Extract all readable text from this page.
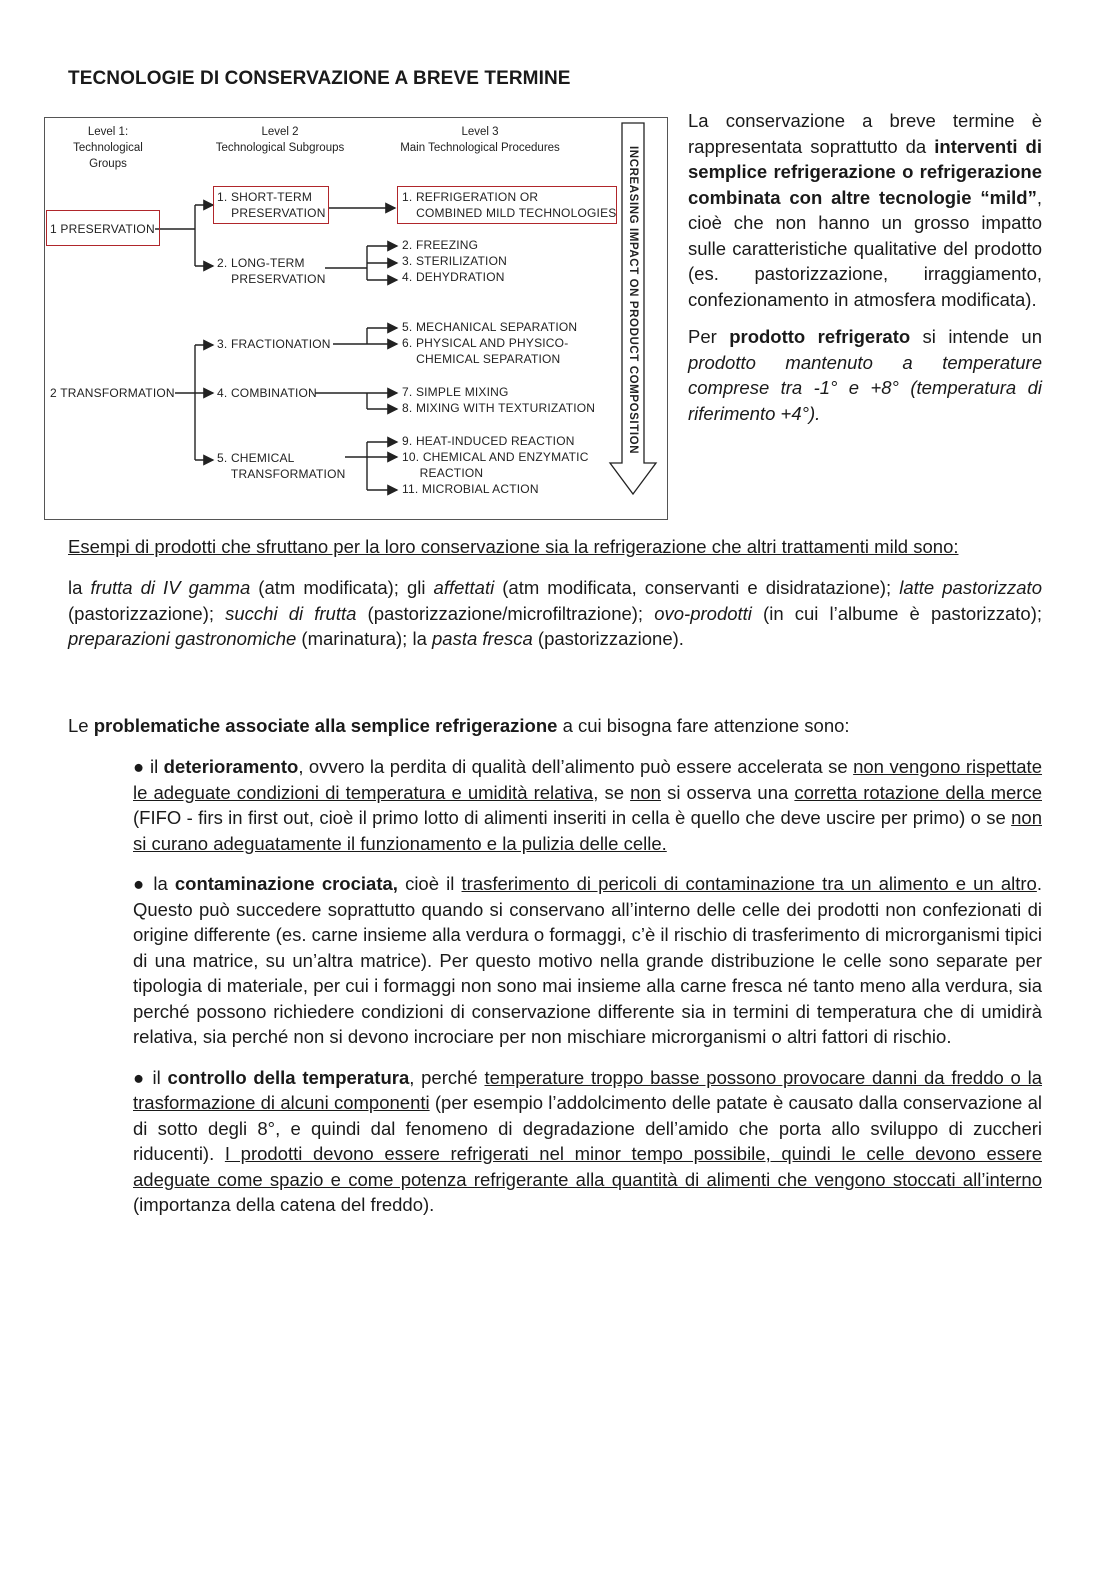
TECNOLOGIE DI CONSERVAZIONE A BREVE TERMINE
Level 1:
Technological Groups
Level 2
Technological Subgroups
Level 3
Main Technological Procedures
1 PRESERVATION
2 TRANSFORMATION
1. SHORT-TERM
PRESERVATION
2. LONG-TERM
PRESERVATION
3. FRACTIONATION
4. COMBINATION
5. CHEMICAL
TRANSFORMATION
1. REFRIGERATION OR
COMBINED MILD TECHNOLOGIES
2. FREEZING
3. STERILIZATION
4. DEHYDRATION
5. MECHANICAL SEPARATION
6. PHYSICAL AND PHYSICO-
CHEMICAL SEPARATION
7. SIMPLE MIXING
8. MIXING WITH TEXTURIZATION
9. HEAT-INDUCED REACTION
10. CHEMICAL AND ENZYMATIC
REACTION
11. MICROBIAL ACTION
INCREASING IMPACT ON PRODUCT COMPOSITION

La conservazione a breve termine è rappresentata soprattutto da interventi di semplice refrigerazione o refrigerazione combinata con altre tecnologie “mild”, cioè che non hanno un grosso impatto sulle caratteristiche qualitative del prodotto (es. pastorizzazione, irraggiamento, confezionamento in atmosfera modificata).

Per prodotto refrigerato si intende un prodotto mantenuto a temperature comprese tra -1° e +8° (temperatura di riferimento +4°).

Esempi di prodotti che sfruttano per la loro conservazione sia la refrigerazione che altri trattamenti mild sono:
la frutta di IV gamma (atm modificata); gli affettati (atm modificata, conservanti e disidratazione); latte pastorizzato (pastorizzazione); succhi di frutta (pastorizzazione/microfiltrazione); ovo-prodotti (in cui l’albume è pastorizzato); preparazioni gastronomiche (marinatura); la pasta fresca (pastorizzazione).
Le problematiche associate alla semplice refrigerazione a cui bisogna fare attenzione sono:

● il deterioramento, ovvero la perdita di qualità dell’alimento può essere accelerata se non vengono rispettate le adeguate condizioni di temperatura e umidità relativa, se non si osserva una corretta rotazione della merce (FIFO - firs in first out, cioè il primo lotto di alimenti inseriti in cella è quello che deve uscire per primo) o se non si curano adeguatamente il funzionamento e la pulizia delle celle.

● la contaminazione crociata, cioè il trasferimento di pericoli di contaminazione tra un alimento e un altro. Questo può succedere soprattutto quando si conservano all’interno delle celle dei prodotti non confezionati di origine differente (es. carne insieme alla verdura o formaggi, c’è il rischio di trasferimento di microrganismi tipici di una matrice, su un’altra matrice). Per questo motivo nella grande distribuzione le celle sono separate per tipologia di materiale, per cui i formaggi non sono mai insieme alla carne fresca né tanto meno alla verdura, sia perché possono richiedere condizioni di conservazione differente sia in termini di temperatura che di umidirà relativa, sia perché non si devono incrociare per non mischiare microrganismi o altri fattori di rischio.

● il controllo della temperatura, perché temperature troppo basse possono provocare danni da freddo o la trasformazione di alcuni componenti (per esempio l’addolcimento delle patate è causato dalla conservazione al di sotto degli 8°, e quindi dal fenomeno di degradazione dell’amido che porta allo sviluppo di zuccheri riducenti). I prodotti devono essere refrigerati nel minor tempo possibile, quindi le celle devono essere adeguate come spazio e come potenza refrigerante alla quantità di alimenti che vengono stoccati all’interno (importanza della catena del freddo).
